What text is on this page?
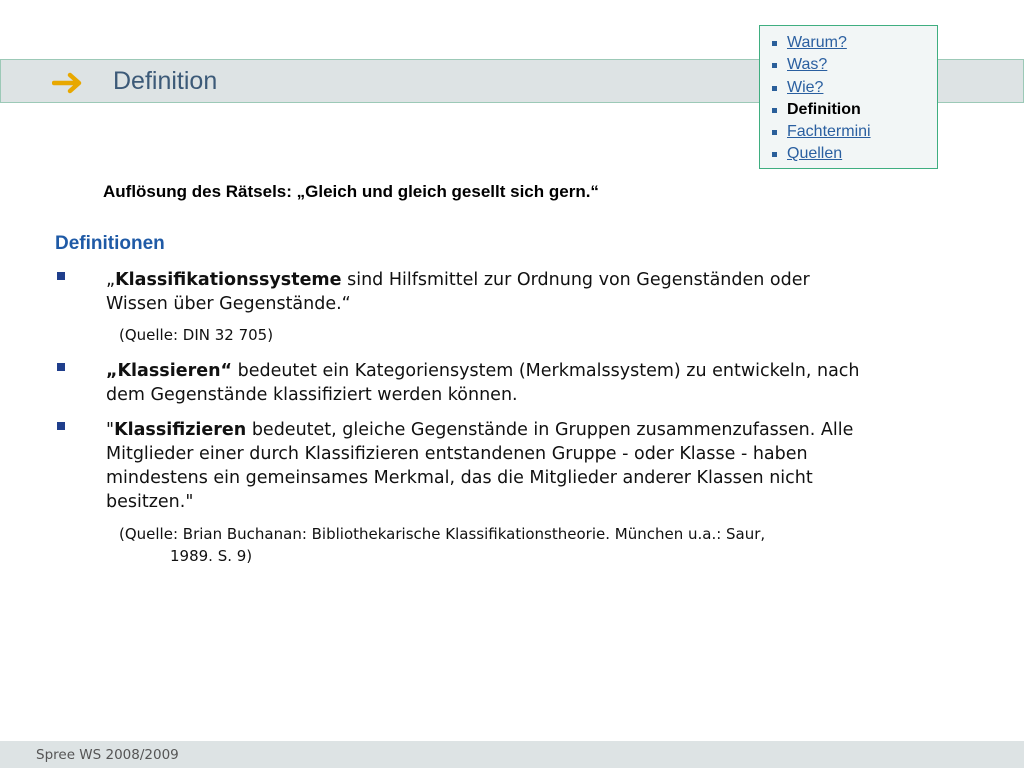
Definition
Warum?
Was?
Wie?
Definition
Fachtermini
Quellen
Auflösung des Rätsels: „Gleich und gleich gesellt sich gern.“
Definitionen
„Klassifikationssysteme sind Hilfsmittel zur Ordnung von Gegenständen oder Wissen über Gegenstände.“
(Quelle: DIN 32 705)
„Klassieren“ bedeutet ein Kategoriensystem (Merkmalssystem) zu entwickeln, nach dem Gegenstände klassifiziert werden können.
"Klassifizieren bedeutet, gleiche Gegenstände in Gruppen zusammenzufassen. Alle Mitglieder einer durch Klassifizieren entstandenen Gruppe - oder Klasse - haben mindestens ein gemeinsames Merkmal, das die Mitglieder anderer Klassen nicht besitzen."
(Quelle: Brian Buchanan: Bibliothekarische Klassifikationstheorie. München u.a.: Saur,
1989. S. 9)
Spree WS 2008/2009
